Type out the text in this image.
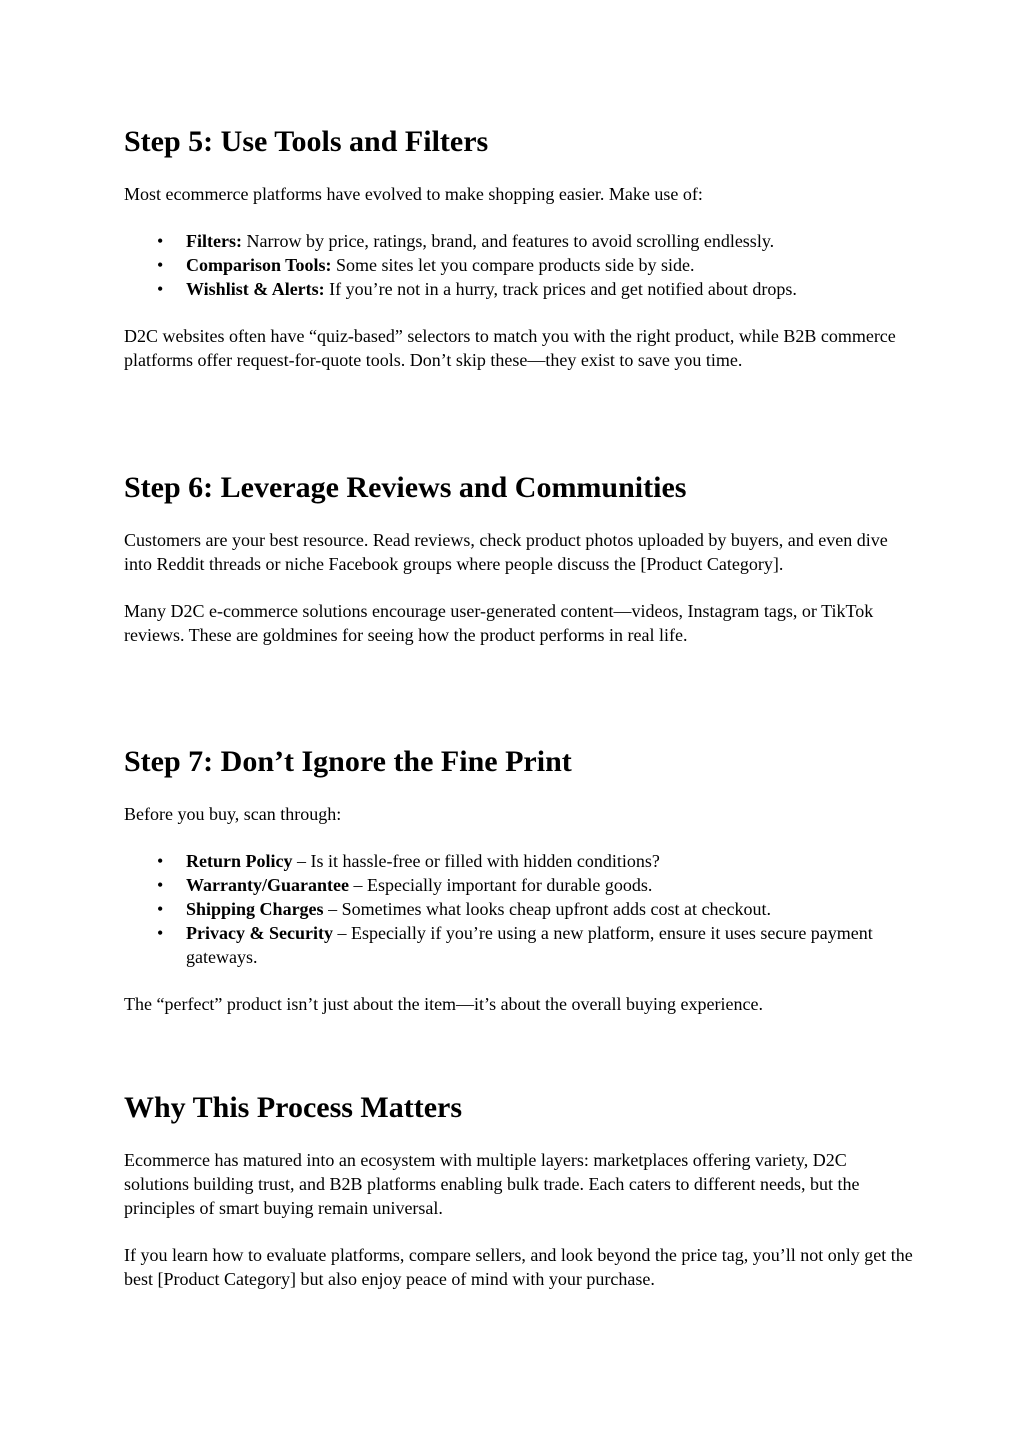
Step 5: Use Tools and Filters

Most ecommerce platforms have evolved to make shopping easier. Make use of:

• Filters: Narrow by price, ratings, brand, and features to avoid scrolling endlessly.
• Comparison Tools: Some sites let you compare products side by side.
• Wishlist & Alerts: If you’re not in a hurry, track prices and get notified about drops.

D2C websites often have “quiz-based” selectors to match you with the right product, while B2B commerce platforms offer request-for-quote tools. Don’t skip these—they exist to save you time.

Step 6: Leverage Reviews and Communities

Customers are your best resource. Read reviews, check product photos uploaded by buyers, and even dive into Reddit threads or niche Facebook groups where people discuss the [Product Category].

Many D2C e-commerce solutions encourage user-generated content—videos, Instagram tags, or TikTok reviews. These are goldmines for seeing how the product performs in real life.

Step 7: Don’t Ignore the Fine Print

Before you buy, scan through:

• Return Policy – Is it hassle-free or filled with hidden conditions?
• Warranty/Guarantee – Especially important for durable goods.
• Shipping Charges – Sometimes what looks cheap upfront adds cost at checkout.
• Privacy & Security – Especially if you’re using a new platform, ensure it uses secure payment gateways.

The “perfect” product isn’t just about the item—it’s about the overall buying experience.

Why This Process Matters

Ecommerce has matured into an ecosystem with multiple layers: marketplaces offering variety, D2C solutions building trust, and B2B platforms enabling bulk trade. Each caters to different needs, but the principles of smart buying remain universal.

If you learn how to evaluate platforms, compare sellers, and look beyond the price tag, you’ll not only get the best [Product Category] but also enjoy peace of mind with your purchase.
